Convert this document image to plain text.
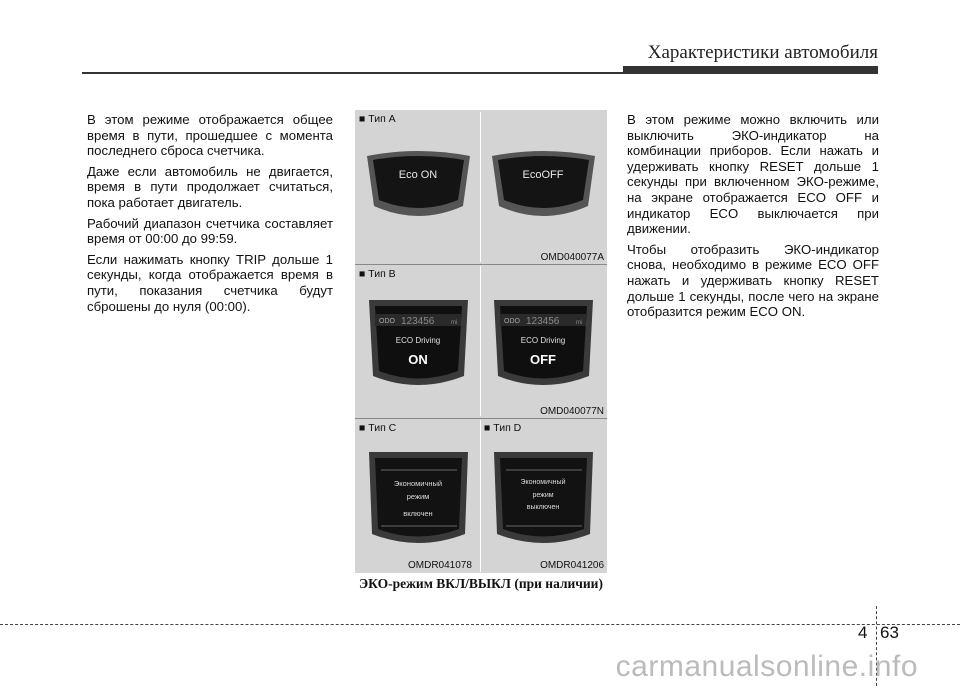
Характеристики автомобиля

В этом режиме отображается общее время в пути, прошедшее с момента последнего сброса счетчика.

Даже если автомобиль не двигается, время в пути продолжает считаться, пока работает двигатель.

Рабочий диапазон счетчика составляет время от 00:00 до 99:59.

Если нажимать кнопку TRIP дольше 1 секунды, когда отображается время в пути, показания счетчика будут сброшены до нуля (00:00).

В этом режиме можно включить или выключить ЭКО-индикатор на комбинации приборов. Если нажать и удерживать кнопку RESET дольше 1 секунды при включенном ЭКО-режиме, на экране отображается ECO OFF и индикатор ECO выключается при движении.

Чтобы отобразить ЭКО-индикатор снова, необходимо в режиме ECO OFF нажать и удерживать кнопку RESET дольше 1 секунды, после чего на экране отобразится режим ECO ON.

■ Тип А
Eco ON	EcoOFF
OMD040077A
■ Тип B
ODO 123456	mi
ECO Driving
ON
ODO 123456	mi
ECO Driving
OFF
OMD040077N
■ Тип C	■ Тип D
Экономичный
режим
включен
Экономичный
режим
выключен
OMDR041078	OMDR041206
ЭКО-режим ВКЛ/ВЫКЛ (при наличии)
4 63
carmanualsonline.info
